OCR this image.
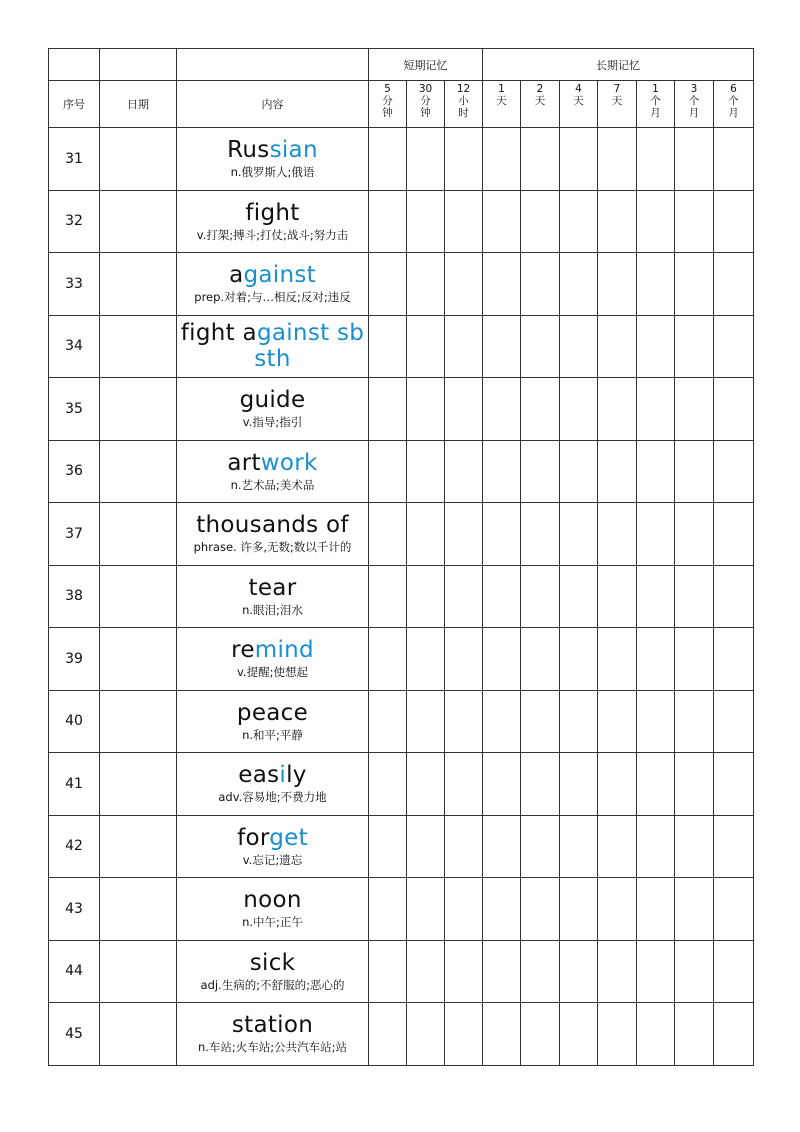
			短期记忆			长期记忆						
序号	日期	内容	5
分
钟	30
分
钟	12
小
时	1
天	2
天	4
天	7
天	1
个
月	3
个
月	6
个
月

31		Russian
n.俄罗斯人;俄语										

32		fight
v.打架;搏斗;打仗;战斗;努力击										

33		against
prep.对着;与…相反;反对;违反										

34		fight against sb sth										

35		guide
v.指导;指引										

36		artwork
n.艺术品;美术品										

37		thousands of
phrase. 许多,无数;数以千计的										

38		tear
n.眼泪;泪水										

39		remind
v.提醒;使想起										

40		peace
n.和平;平静										

41		easily
adv.容易地;不费力地										

42		forget
v.忘记;遗忘										

43		noon
n.中午;正午										

44		sick
adj.生病的;不舒服的;恶心的										

45		station
n.车站;火车站;公共汽车站;站										
